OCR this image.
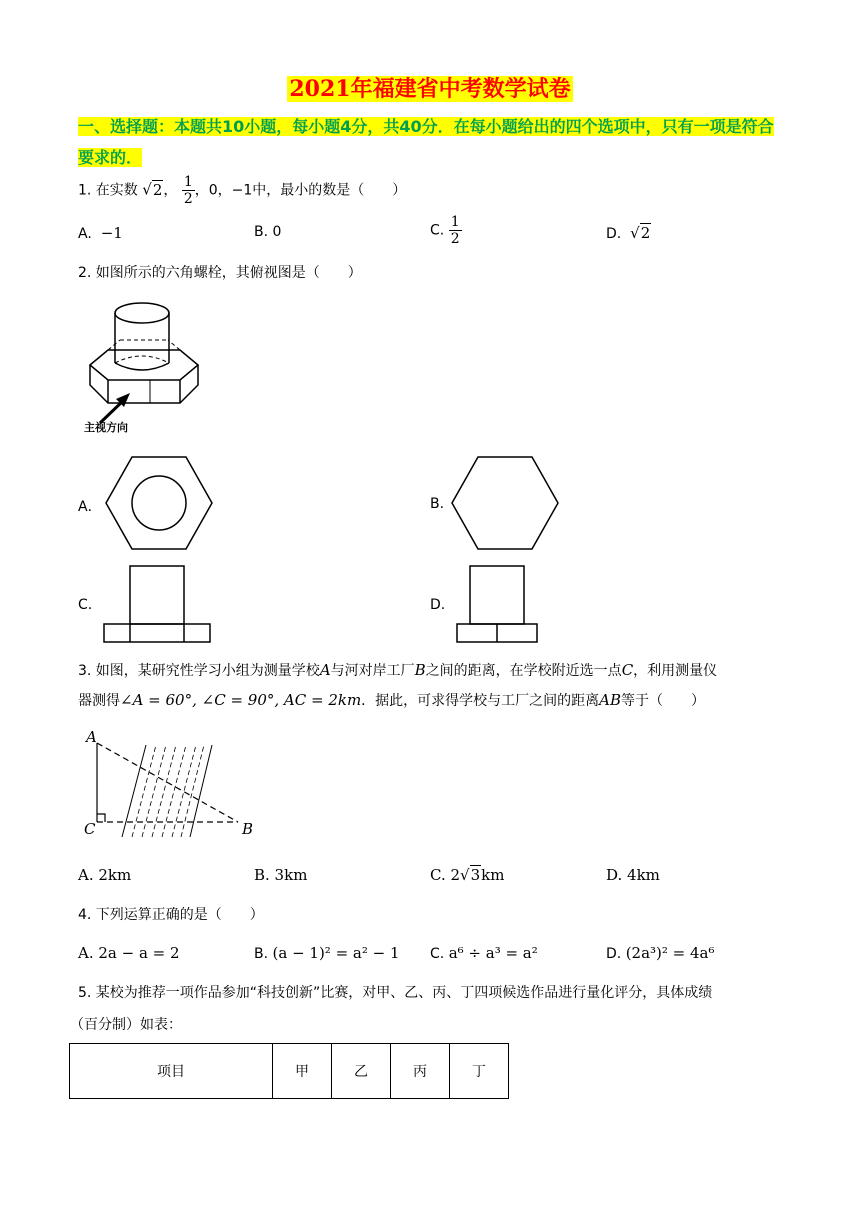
2021年福建省中考数学试卷
一、选择题：本题共10小题，每小题4分，共40分．在每小题给出的四个选项中，只有一项是符合要求的．
1. 在实数 √2， $\frac{1}{2}$ ，0，−1中，最小的数是（　　）
A. −1	B. 0	C. $\frac{1}{2}$	D. √2
2. 如图所示的六角螺栓，其俯视图是（　　）
主视方向
A．	B.
C.	D.
3. 如图，某研究性学习小组为测量学校A与河对岸工厂B之间的距离，在学校附近选一点C，利用测量仪
器测得∠A = 60°, ∠C = 90°, AC = 2km．据此，可求得学校与工厂之间的距离AB等于（　　）
A
C	B
A. 2km	B. 3km	C. 2√3km	D. 4km
4. 下列运算正确的是（　　）
A. 2a − a = 2	B. (a − 1)² = a² − 1 C. a⁶ ÷ a³ = a²	D. (2a³)² = 4a⁶
5. 某校为推荐一项作品参加“科技创新”比赛，对甲、乙、丙、丁四项候选作品进行量化评分，具体成绩
（百分制）如表：
项目	甲	乙	丙	丁
